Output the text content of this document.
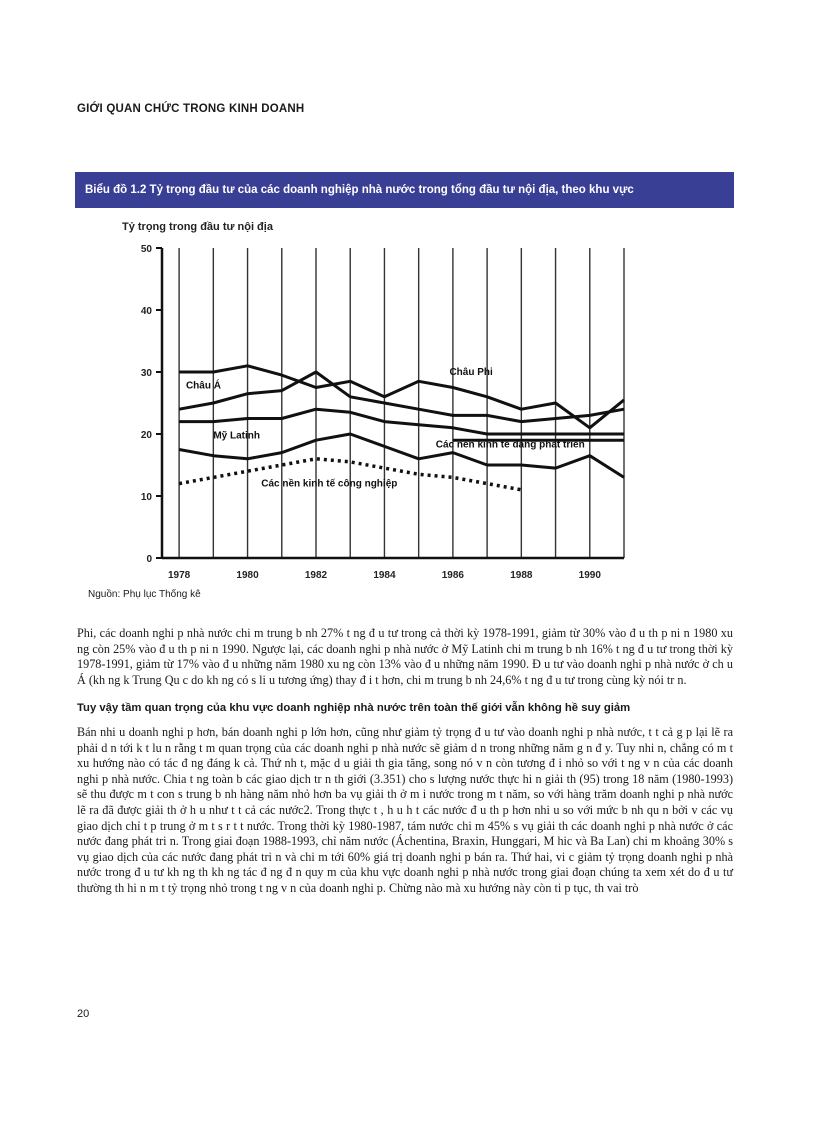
GIỚI QUAN CHỨC TRONG KINH DOANH
Biểu đồ 1.2 Tỷ trọng đầu tư của các doanh nghiệp nhà nước trong tổng đầu tư nội địa, theo khu vực
Tỷ trọng trong đầu tư nội địa
0
10
20
30
40
50
1978	1980	1982	1984	1986	1988	1990
Châu Phi
Châu Á
Mỹ Latinh
Các nền kinh tế đang phát triển
Các nền kinh tế công nghiệp
Nguồn: Phụ lục Thống kê

Phi, các doanh nghi p nhà nước chi m trung b nh 27% t ng đ u tư trong cả thời kỳ 1978-1991, giảm từ 30% vào đ u th p ni n 1980 xu ng còn 25% vào đ u th p ni n 1990. Ngược lại, các doanh nghi p nhà nước ở Mỹ Latinh chi m trung b nh 16% t ng đ u tư trong thời kỳ 1978-1991, giảm từ 17% vào đ u những năm 1980 xu ng còn 13% vào đ u những năm 1990. Đ u tư vào doanh nghi p nhà nước ở ch u Á (kh ng k Trung Qu c do kh ng có s li u tương ứng) thay đ i t hơn, chi m trung b nh 24,6% t ng đ u tư trong cùng kỳ nói tr n.

Tuy vậy tầm quan trọng của khu vực doanh nghiệp nhà nước trên toàn thế giới vẫn không hề suy giảm

Bán nhi u doanh nghi p hơn, bán doanh nghi p lớn hơn, cũng như giảm tỷ trọng đ u tư vào doanh nghi p nhà nước, t t cả g p lại lẽ ra phải d n tới k t lu n rằng t m quan trọng của các doanh nghi p nhà nước sẽ giảm d n trong những năm g n đ y. Tuy nhi n, chẳng có m t xu hướng nào có tác đ ng đáng k cả. Thứ nh t, mặc d u giải th gia tăng, song nó v n còn tương đ i nhỏ so với t ng v n của các doanh nghi p nhà nước. Chia t ng toàn b các giao dịch tr n th giới (3.351) cho s lượng nước thực hi n giải th (95) trong 18 năm (1980-1993) sẽ thu được m t con s trung b nh hàng năm nhỏ hơn ba vụ giải th ở m i nước trong m t năm, so với hàng trăm doanh nghi p nhà nước lẽ ra đã được giải th ở h u như t t cả các nước2. Trong thực t , h u h t các nước đ u th p hơn nhi u so với mức b nh qu n bởi v các vụ giao dịch chỉ t p trung ở m t s r t t nước. Trong thời kỳ 1980-1987, tám nước chi m 45% s vụ giải th các doanh nghi p nhà nước ở các nước đang phát tri n. Trong giai đoạn 1988-1993, chỉ năm nước (Áchentina, Braxin, Hunggari, M hic và Ba Lan) chi m khoảng 30% s vụ giao dịch của các nước đang phát tri n và chi m tới 60% giá trị doanh nghi p bán ra. Thứ hai, vi c giảm tỷ trọng doanh nghi p nhà nước trong đ u tư kh ng th kh ng tác đ ng đ n quy m của khu vực doanh nghi p nhà nước trong giai đoạn chúng ta xem xét do đ u tư thường th hi n m t tỷ trọng nhỏ trong t ng v n của doanh nghi p. Chừng nào mà xu hướng này còn ti p tục, th vai trò

20
